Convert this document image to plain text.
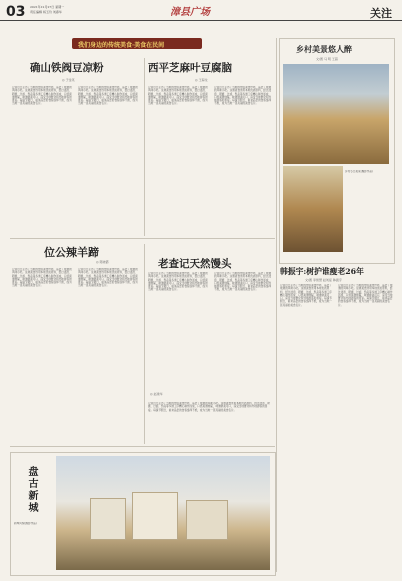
03 2021年12月27日 星期一
责任编辑 杨玉玲 刘春华	漳县广场	关注
我们身边的传统美食·美食在民间
确山铁阀豆凉粉
◎ 于金英
记者近日走访了当地的传统美食作坊，品尝了地道的风味小吃。这道美食选用本地优质原料，经过浸泡、研磨、过滤、熬煮等多道工序精心制作而成，口感爽滑细腻，味道鲜美可口，深受当地群众和外地游客的喜爱。每逢节假日，前来品尝的食客络绎不绝，成为当地一张亮丽的美食名片。
记者近日走访了当地的传统美食作坊，品尝了地道的风味小吃。这道美食选用本地优质原料，经过浸泡、研磨、过滤、熬煮等多道工序精心制作而成，口感爽滑细腻，味道鲜美可口，深受当地群众和外地游客的喜爱。每逢节假日，前来品尝的食客络绎不绝，成为当地一张亮丽的美食名片。
西平芝麻叶豆腐脑
◎ 王海龙
记者近日走访了当地的传统美食作坊，品尝了地道的风味小吃。这道美食选用本地优质原料，经过浸泡、研磨、过滤、熬煮等多道工序精心制作而成，口感爽滑细腻，味道鲜美可口，深受当地群众和外地游客的喜爱。每逢节假日，前来品尝的食客络绎不绝，成为当地一张亮丽的美食名片。
记者近日走访了当地的传统美食作坊，品尝了地道的风味小吃。这道美食选用本地优质原料，经过浸泡、研磨、过滤、熬煮等多道工序精心制作而成，口感爽滑细腻，味道鲜美可口，深受当地群众和外地游客的喜爱。每逢节假日，前来品尝的食客络绎不绝，成为当地一张亮丽的美食名片。
位公辣羊蹄
◎ 陈晓霞
记者近日走访了当地的传统美食作坊，品尝了地道的风味小吃。这道美食选用本地优质原料，经过浸泡、研磨、过滤、熬煮等多道工序精心制作而成，口感爽滑细腻，味道鲜美可口，深受当地群众和外地游客的喜爱。每逢节假日，前来品尝的食客络绎不绝，成为当地一张亮丽的美食名片。
记者近日走访了当地的传统美食作坊，品尝了地道的风味小吃。这道美食选用本地优质原料，经过浸泡、研磨、过滤、熬煮等多道工序精心制作而成，口感爽滑细腻，味道鲜美可口，深受当地群众和外地游客的喜爱。每逢节假日，前来品尝的食客络绎不绝，成为当地一张亮丽的美食名片。
老查记天然馒头
◎ 赵建华
记者近日走访了当地的传统美食作坊，品尝了地道的风味小吃。这道美食选用本地优质原料，经过浸泡、研磨、过滤、熬煮等多道工序精心制作而成，口感爽滑细腻，味道鲜美可口，深受当地群众和外地游客的喜爱。每逢节假日，前来品尝的食客络绎不绝，成为当地一张亮丽的美食名片。
记者近日走访了当地的传统美食作坊，品尝了地道的风味小吃。这道美食选用本地优质原料，经过浸泡、研磨、过滤、熬煮等多道工序精心制作而成，口感爽滑细腻，味道鲜美可口，深受当地群众和外地游客的喜爱。每逢节假日，前来品尝的食客络绎不绝，成为当地一张亮丽的美食名片。
乡村美景悠人醉
文/图 马 明 王超
乡村冬日美景(摄影作品)
韩振宇:树护谁瘦老26年
文/图 李智慧 赵刘泓 韩振宇
记者近日走访了当地的传统美食作坊，品尝了地道的风味小吃。这道美食选用本地优质原料，经过浸泡、研磨、过滤、熬煮等多道工序精心制作而成，口感爽滑细腻，味道鲜美可口，深受当地群众和外地游客的喜爱。每逢节假日，前来品尝的食客络绎不绝，成为当地一张亮丽的美食名片。
记者近日走访了当地的传统美食作坊，品尝了地道的风味小吃。这道美食选用本地优质原料，经过浸泡、研磨、过滤、熬煮等多道工序精心制作而成，口感爽滑细腻，味道鲜美可口，深受当地群众和外地游客的喜爱。每逢节假日，前来品尝的食客络绎不绝，成为当地一张亮丽的美食名片。
记者近日走访了当地的传统美食作坊，品尝了地道的风味小吃。这道美食选用本地优质原料，经过浸泡、研磨、过滤、熬煮等多道工序精心制作而成，口感爽滑细腻，味道鲜美可口，深受当地群众和外地游客的喜爱。每逢节假日，前来品尝的食客络绎不绝，成为当地一张亮丽的美食名片。
盘古新城
新城风貌(摄影作品)
